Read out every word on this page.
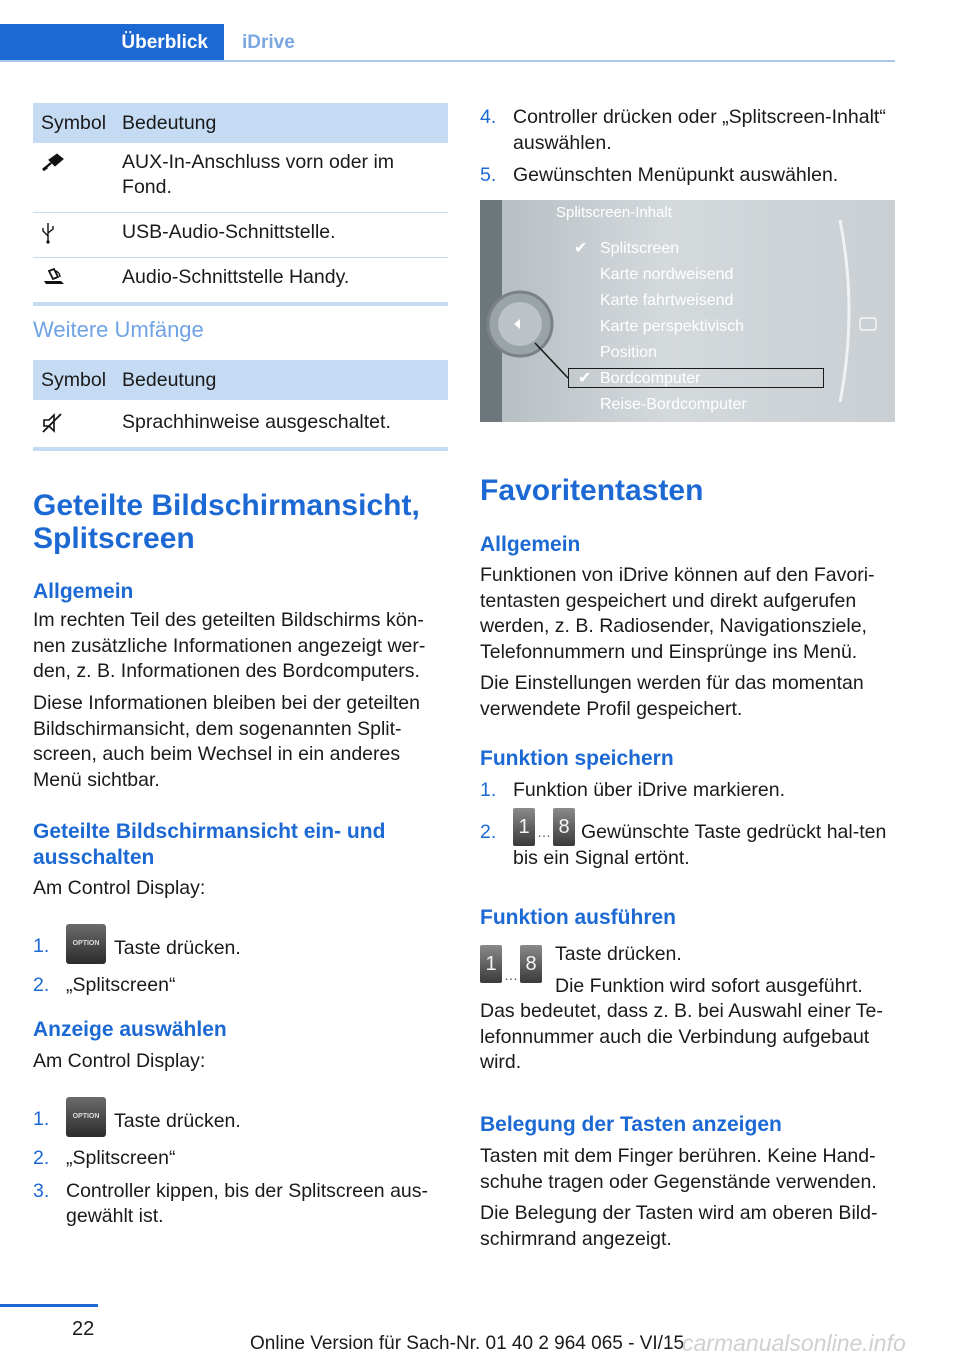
Überblick	iDrive
Symbol	Bedeutung

	AUX-In-Anschluss vorn oder im Fond.

	USB-Audio-Schnittstelle.

	Audio-Schnittstelle Handy.
Weitere Umfänge
Symbol	Bedeutung

	Sprachhinweise ausgeschaltet.
Geteilte Bildschirmansicht, Splitscreen
Allgemein
Im rechten Teil des geteilten Bildschirms kön-nen zusätzliche Informationen angezeigt wer-den, z. B. Informationen des Bordcomputers.
Diese Informationen bleiben bei der geteilten Bildschirmansicht, dem sogenannten Split-screen, auch beim Wechsel in ein anderes Menü sichtbar.
Geteilte Bildschirmansicht ein- und ausschalten
Am Control Display:
1.	OPTION Taste drücken.
2. „Splitscreen“
Anzeige auswählen
Am Control Display:
1.	OPTION Taste drücken.
2. „Splitscreen“
3. Controller kippen, bis der Splitscreen aus-gewählt ist.
4. Controller drücken oder „Splitscreen-Inhalt“ auswählen.
5. Gewünschten Menüpunkt auswählen.
Splitscreen-Inhalt
✔ Splitscreen
Karte nordweisend
Karte fahrtweisend
Karte perspektivisch
Position
✔ Bordcomputer
Reise-Bordcomputer
Favoritentasten
Allgemein
Funktionen von iDrive können auf den Favori-tentasten gespeichert und direkt aufgerufen werden, z. B. Radiosender, Navigationsziele, Telefonnummern und Einsprünge ins Menü.
Die Einstellungen werden für das momentan verwendete Profil gespeichert.
Funktion speichern
1. Funktion über iDrive markieren.
2. 1 … 8 Gewünschte Taste gedrückt hal-ten bis ein Signal ertönt.
Funktion ausführen
1 … 8 Taste drücken.
Die Funktion wird sofort ausgeführt.
Das bedeutet, dass z. B. bei Auswahl einer Te-lefonnummer auch die Verbindung aufgebaut wird.
Belegung der Tasten anzeigen
Tasten mit dem Finger berühren. Keine Hand-schuhe tragen oder Gegenstände verwenden.
Die Belegung der Tasten wird am oberen Bild-schirmrand angezeigt.
22
Online Version für Sach-Nr. 01 40 2 964 065 - VI/15
carmanualsonline.info
